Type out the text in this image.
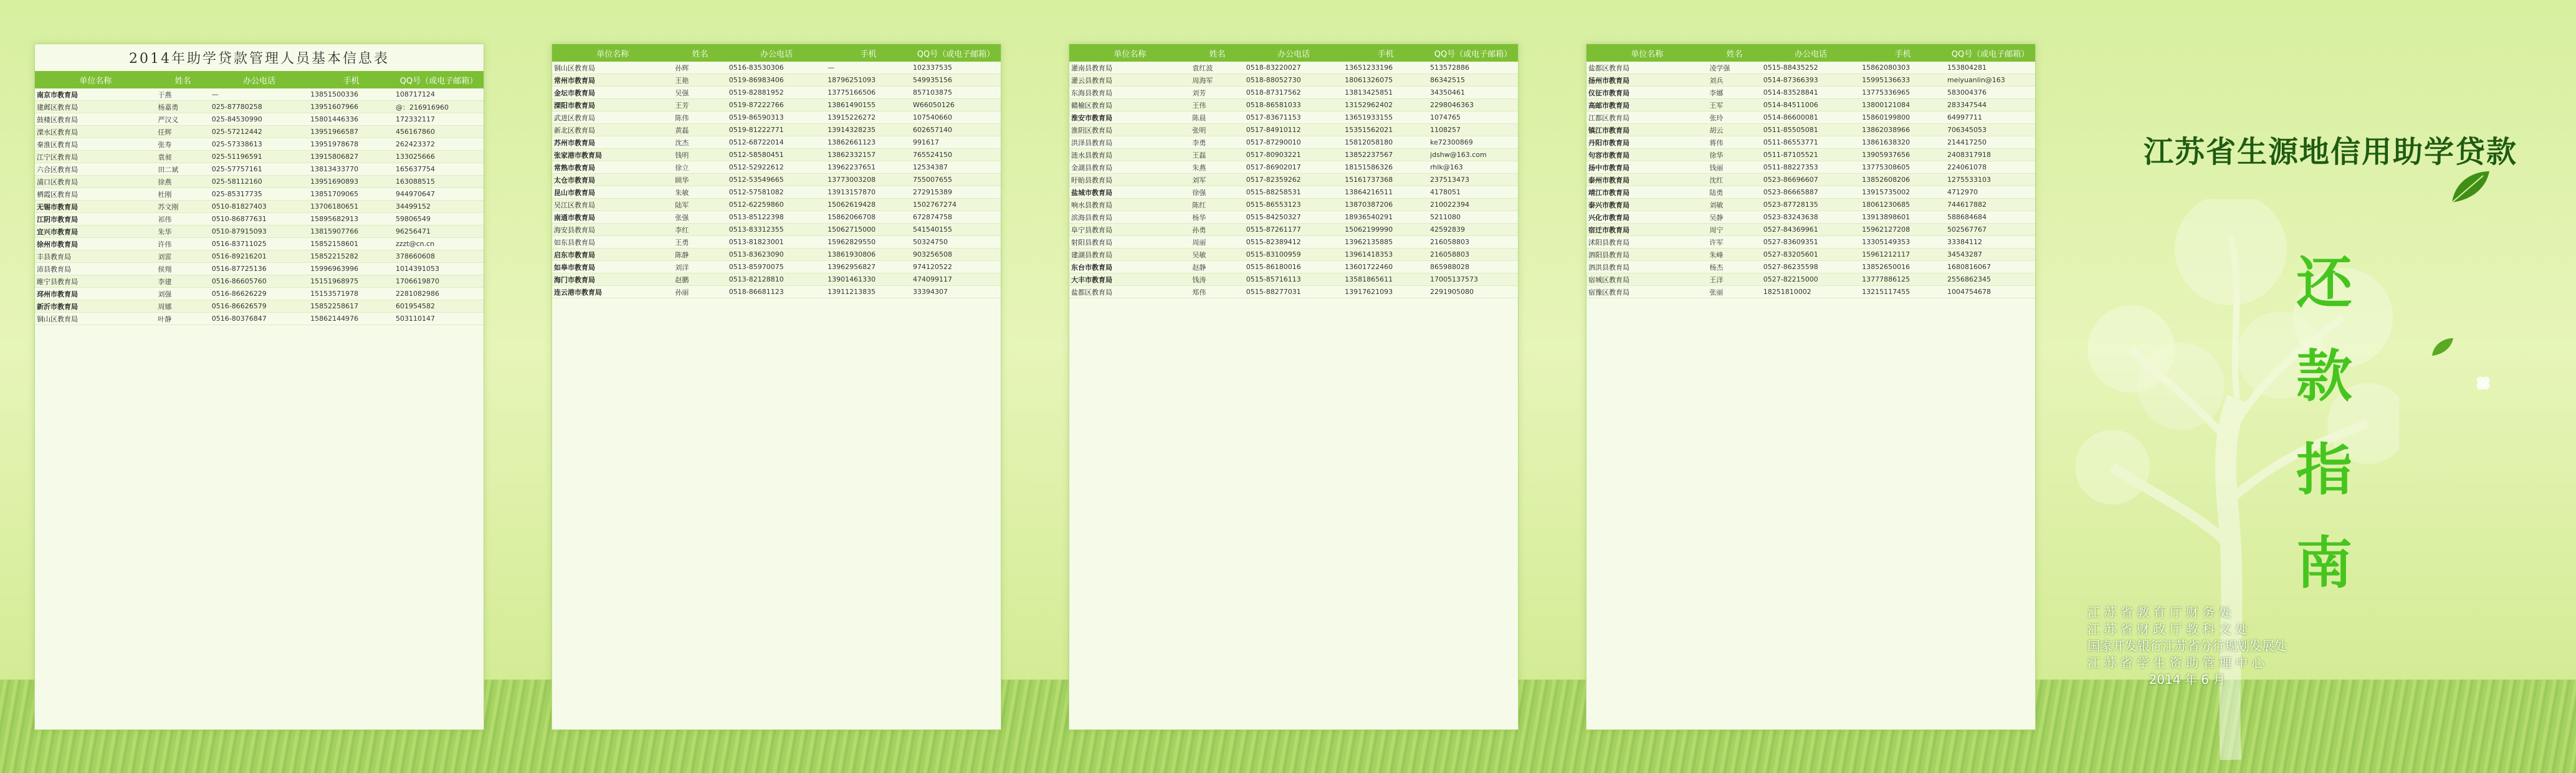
2014年助学贷款管理人员基本信息表
单位名称	姓名	办公电话	手机	QQ号（或电子邮箱）
南京市教育局	于燕	—	13851500336	108717124
建邺区教育局	杨嘉勇	025-87780258	13951607966	@：216916960
鼓楼区教育局	严汉义	025-84530990	15801446336	172332117
溧水区教育局	任辉	025-57212442	13951966587	456167860
秦淮区教育局	张寿	025-57338613	13951978678	262423372
江宁区教育局	袁昶	025-51196591	13915806827	133025666
六合区教育局	田二斌	025-57757161	13813433770	165637754
浦口区教育局	徐燕	025-58112160	13951690893	163088515
栖霞区教育局	杜刚	025-85317735	13851709065	944970647
无锡市教育局	苏文刚	0510-81827403	13706180651	34499152
江阴市教育局	祁伟	0510-86877631	15895682913	59806549
宜兴市教育局	朱华	0510-87915093	13815907766	96256471
徐州市教育局	许伟	0516-83711025	15852158601	zzzt@cn.cn
丰县教育局	刘雷	0516-89216201	15852215282	378660608
沛县教育局	侯翔	0516-87725136	15996963996	1014391053
睢宁县教育局	李建	0516-86605760	15151968975	1706619870
邳州市教育局	刘强	0516-86626229	15153571978	2281082986
新沂市教育局	周娜	0516-86626579	15852258617	601954582
铜山区教育局	叶静	0516-80376847	15862144976	503110147
单位名称	姓名	办公电话	手机	QQ号（或电子邮箱）
铜山区教育局	孙辉	0516-83530306	—	102337535
常州市教育局	王艳	0519-86983406	18796251093	549935156
金坛市教育局	吴强	0519-82881952	13775166506	857103875
溧阳市教育局	王芳	0519-87222766	13861490155	W66050126
武进区教育局	陈伟	0519-86590313	13915226272	107540660
新北区教育局	黄磊	0519-81222771	13914328235	602657140
苏州市教育局	沈杰	0512-68722014	13862661123	991617
张家港市教育局	钱明	0512-58580451	13862332157	765524150
常熟市教育局	徐立	0512-52922612	13962237651	12534387
太仓市教育局	顾华	0512-53549665	13773003208	755007655
昆山市教育局	朱敏	0512-57581082	13913157870	272915389
吴江区教育局	陆军	0512-62259860	15062619428	1502767274
南通市教育局	张强	0513-85122398	15862066708	672874758
海安县教育局	李红	0513-83312355	15062715000	541540155
如东县教育局	王勇	0513-81823001	15962829550	50324750
启东市教育局	陈静	0513-83623090	13861930806	903256508
如皋市教育局	刘洋	0513-85970075	13962956827	974120522
海门市教育局	赵鹏	0513-82128810	13901461330	474099117
连云港市教育局	孙丽	0518-86681123	13911213835	33394307
单位名称	姓名	办公电话	手机	QQ号（或电子邮箱）
灌南县教育局	袁红波	0518-83220027	13651233196	513572886
灌云县教育局	周海军	0518-88052730	18061326075	86342515
东海县教育局	刘芳	0518-87317562	13813425851	34350461
赣榆区教育局	王伟	0518-86581033	13152962402	2298046363
淮安市教育局	陈晨	0517-83671153	13651933155	1074765
淮阴区教育局	张明	0517-84910112	15351562021	1108257
洪泽县教育局	李勇	0517-87290010	15812058180	ke72300869
涟水县教育局	王磊	0517-80903221	13852237567	jdshw@163.com
金湖县教育局	朱燕	0517-86902017	18151586326	rhlk@163
盱眙县教育局	刘军	0517-82359262	15161737368	237513473
盐城市教育局	徐强	0515-88258531	13864216511	4178051
响水县教育局	陈红	0515-86553123	13870387206	210022394
滨海县教育局	杨华	0515-84250327	18936540291	5211080
阜宁县教育局	孙勇	0515-87261177	15062199990	42592839
射阳县教育局	周丽	0515-82389412	13962135885	216058803
建湖县教育局	吴敏	0515-83100959	13961418353	216058803
东台市教育局	赵静	0515-86180016	13601722460	865988028
大丰市教育局	钱涛	0515-85716113	13581865611	17005137573
盐都区教育局	郑伟	0515-88277031	13917621093	2291905080
单位名称	姓名	办公电话	手机	QQ号（或电子邮箱）
盐都区教育局	凌学强	0515-88435252	15862080303	153804281
扬州市教育局	刘兵	0514-87366393	15995136633	meiyuanlin@163
仪征市教育局	李娜	0514-83528841	13775336965	583004376
高邮市教育局	王军	0514-84511006	13800121084	283347544
江都区教育局	张玲	0514-86600081	15860199800	64997711
镇江市教育局	胡云	0511-85505081	13862038966	706345053
丹阳市教育局	蒋伟	0511-86553771	13861638320	214417250
句容市教育局	徐华	0511-87105521	13905937656	2408317918
扬中市教育局	钱丽	0511-88227353	13775308605	224061078
泰州市教育局	沈红	0523-86696607	13852608206	1275533103
靖江市教育局	陆勇	0523-86665887	13915735002	4712970
泰兴市教育局	刘敏	0523-87728135	18061230685	744617882
兴化市教育局	吴静	0523-83243638	13913898601	588684684
宿迁市教育局	周宁	0527-84369961	15962127208	502567767
沭阳县教育局	许军	0527-83609351	13305149353	33384112
泗阳县教育局	朱峰	0527-83205601	15961212117	34543287
泗洪县教育局	杨杰	0527-86235598	13852650016	1680816067
宿城区教育局	王洋	0527-82215000	13777886125	2556862345
宿豫区教育局	张丽	18251810002	13215117455	1004754678
江苏省生源地信用助学贷款
还
款
指
南
江 苏 省 教 育 厅 财 务 处
江 苏 省 财 政 厅 教 科 文 处
国家开发银行江苏省分行规划发展处
江 苏 省 学 生 资 助 管 理 中 心
2014 年 6 月
